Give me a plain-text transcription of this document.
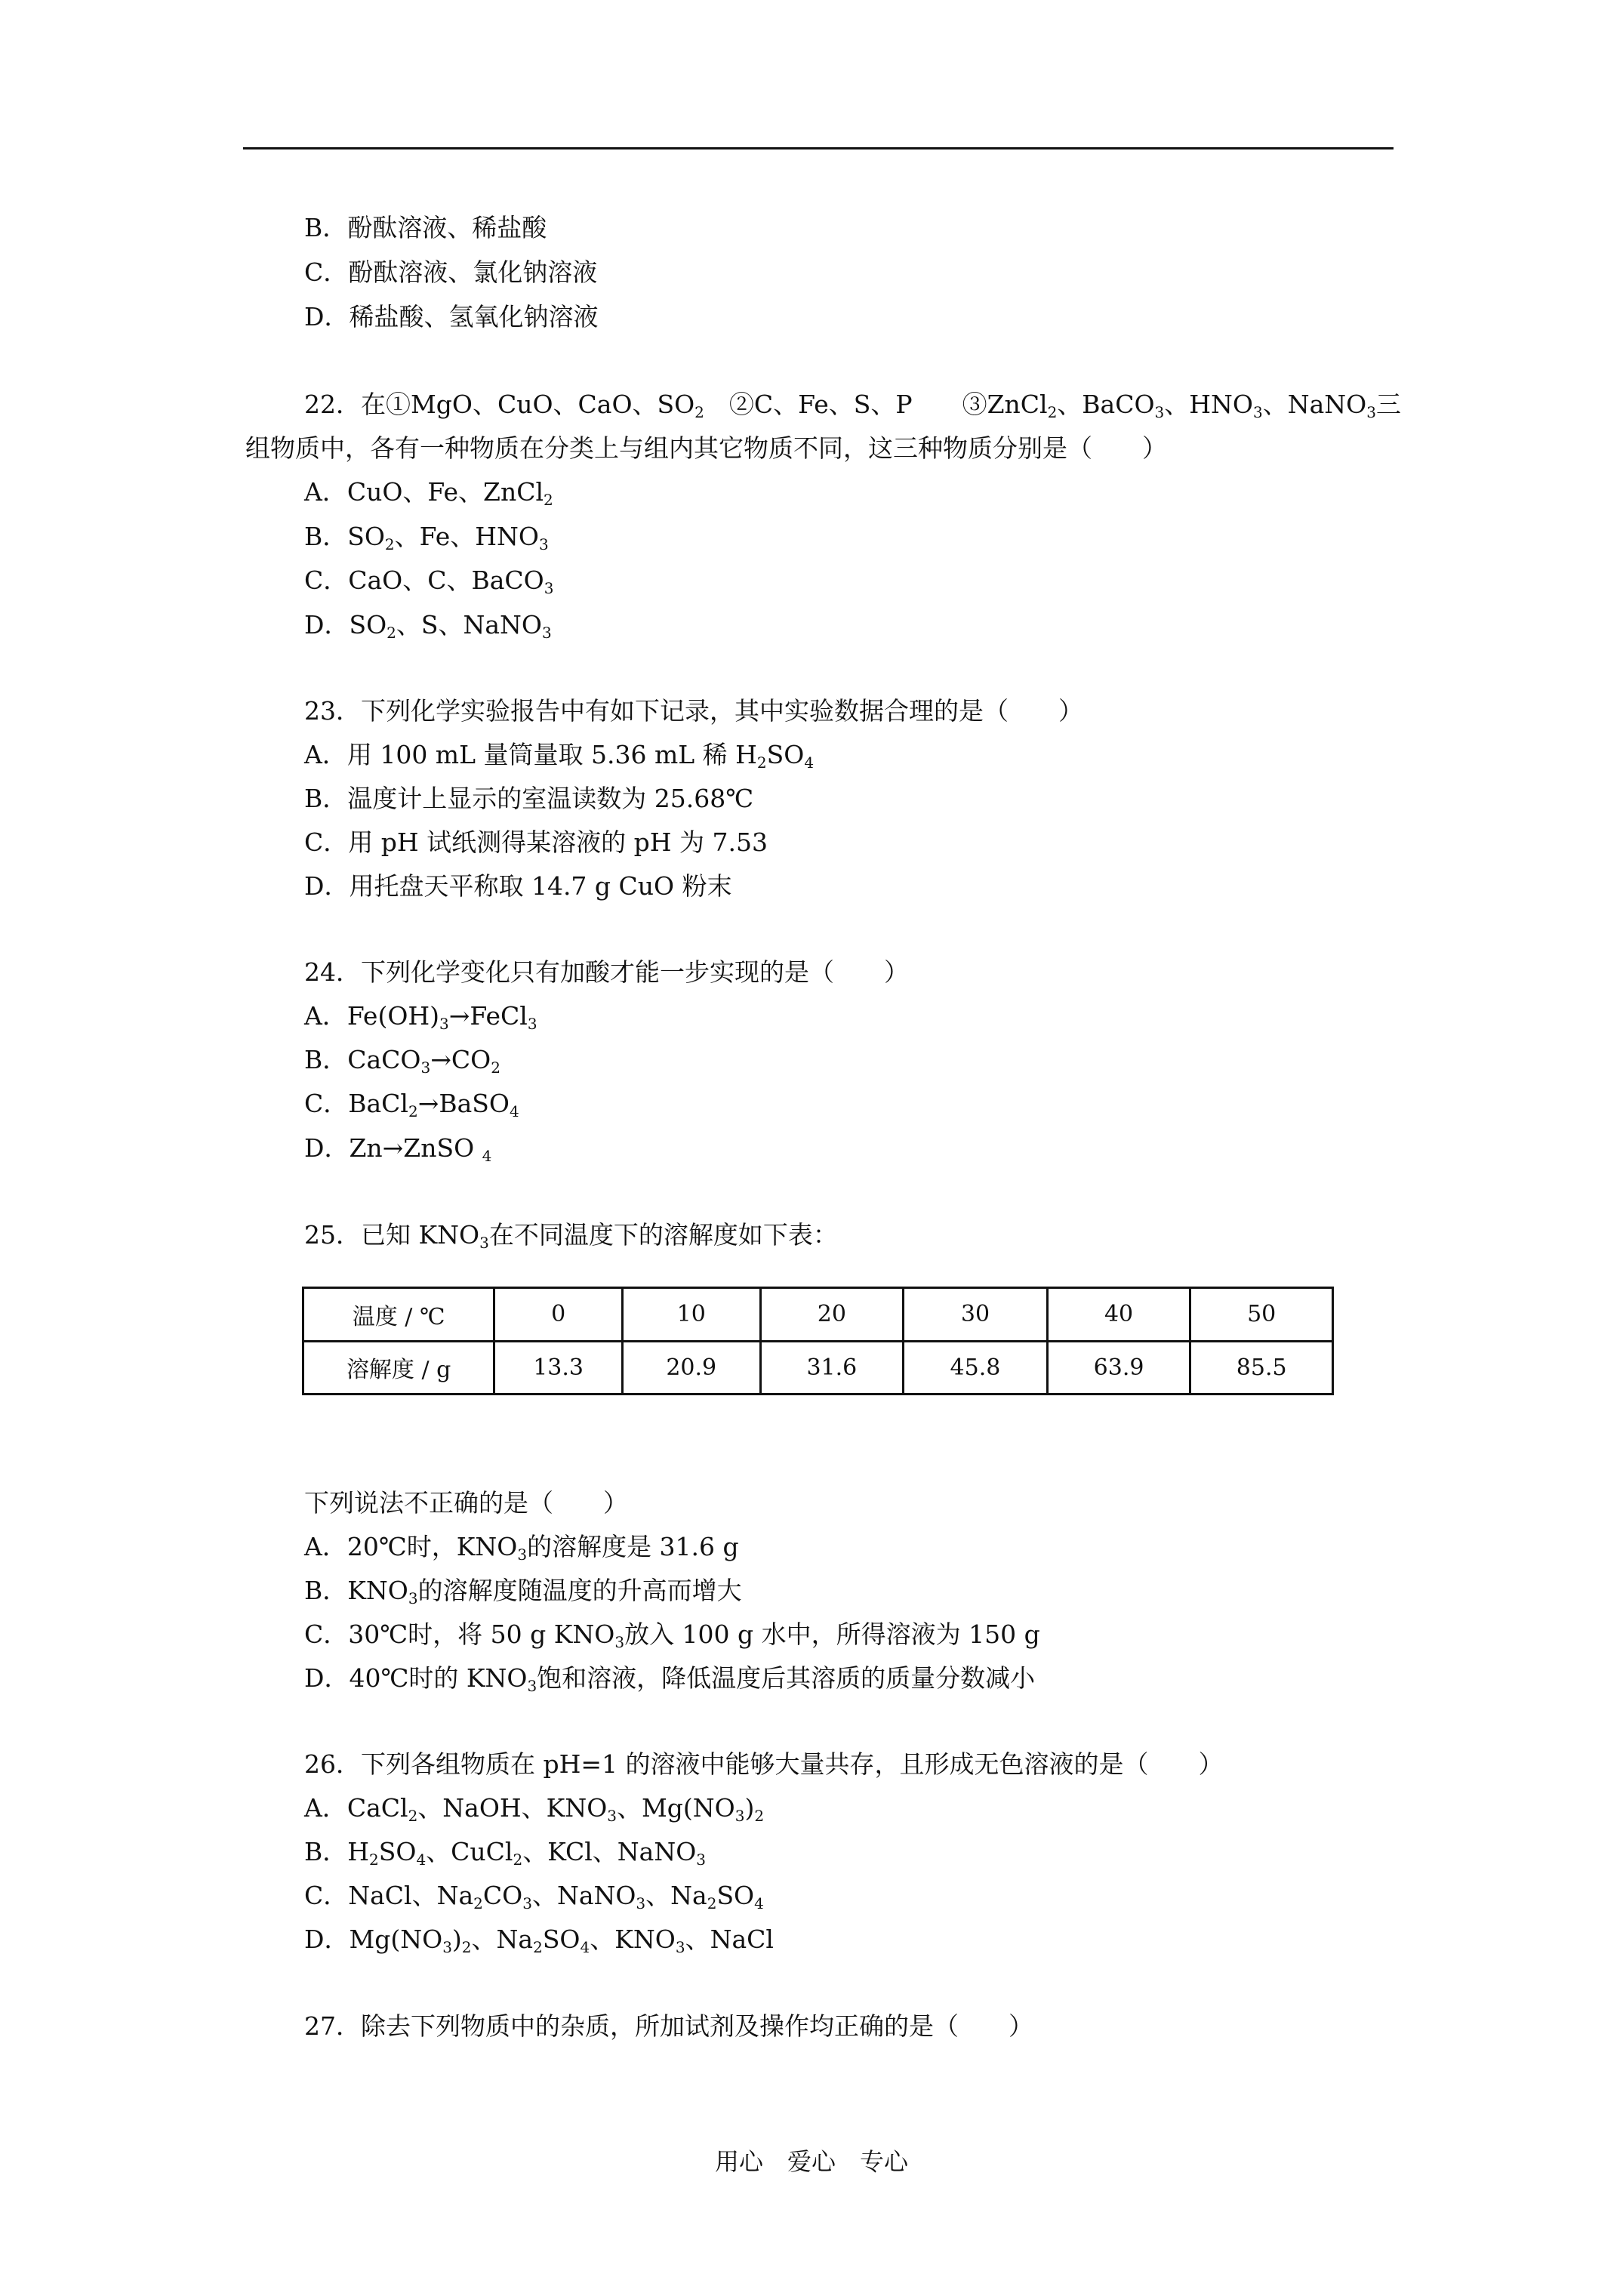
B．酚酞溶液、稀盐酸
C．酚酞溶液、氯化钠溶液
D．稀盐酸、氢氧化钠溶液
22．在①MgO、CuO、CaO、$SO_2$　②C、Fe、S、P　　③ZnCl$_2$、BaCO$_3$、$HNO_3$、NaNO$_3$三
组物质中，各有一种物质在分类上与组内其它物质不同，这三种物质分别是（　　）
A．CuO、Fe、ZnCl$_2$
B．$SO_2$、Fe、$HNO_3$
C．CaO、C、BaCO$_3$
D．$SO_2$、S、NaNO$_3$
23．下列化学实验报告中有如下记录，其中实验数据合理的是（　　）
A．用 100 mL 量筒量取 5.36 mL 稀 $H_2SO_4$
B．温度计上显示的室温读数为 25.68℃
C．用 pH 试纸测得某溶液的 pH 为 7.53
D．用托盘天平称取 14.7 g CuO 粉末
24．下列化学变化只有加酸才能一步实现的是（　　）
A．$Fe(OH)_3\to FeCl_3$
B．$CaCO_3\to CO_2$
C．BaCl$_2$→BaSO$_4$
D．Zn→ZnSO $_4$
25．已知 $KNO_3$在不同温度下的溶解度如下表：
温度 / ℃	0	10	20	30	40	50
溶解度 / g	13.3	20.9	31.6	45.8	63.9	85.5
下列说法不正确的是（　　）
A．20℃时，$KNO_3$的溶解度是 31.6 g
B．$KNO_3$的溶解度随温度的升高而增大
C．30℃时，将 50 g $KNO_3$放入 100 g 水中，所得溶液为 150 g
D．40℃时的 $KNO_3$饱和溶液，降低温度后其溶质的质量分数减小
26．下列各组物质在 pH=1 的溶液中能够大量共存，且形成无色溶液的是（　　）
A．CaCl$_2$、NaOH、$KNO_3$、$Mg(NO_3)_2$
B．$H_2SO_4$、CuCl$_2$、KCl、NaNO$_3$
C．NaCl、$Na_2CO_3$、NaNO$_3$、$Na_2SO_4$
D．$Mg(NO_3)_2$、$Na_2SO_4$、$KNO_3$、NaCl
27．除去下列物质中的杂质，所加试剂及操作均正确的是（　　）
用心　爱心　专心
